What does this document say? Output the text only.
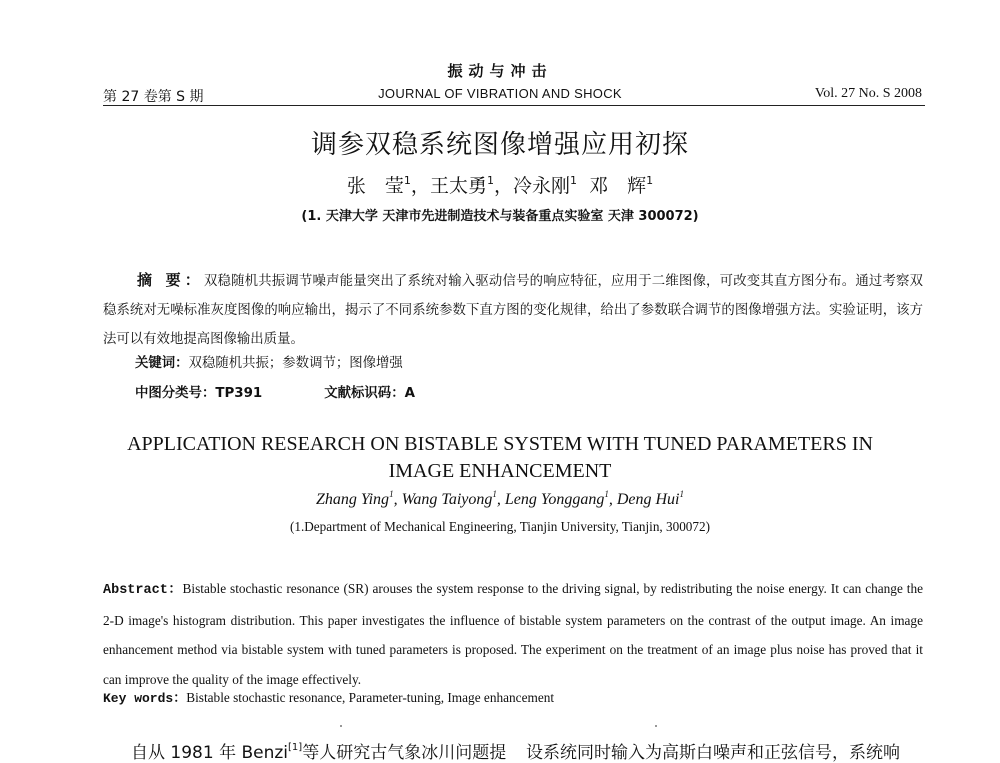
振动与冲击
第 27 卷第 S 期	JOURNAL OF VIBRATION AND SHOCK	Vol. 27 No. S 2008
调参双稳系统图像增强应用初探
张　莹$^1$，王太勇$^1$，冷永刚$^1$ 邓　辉$^1$
(1. 天津大学 天津市先进制造技术与装备重点实验室 天津 300072)
摘 要：双稳随机共振调节噪声能量突出了系统对输入驱动信号的响应特征，应用于二维图像，可改变其直方图分布。通过考察双稳系统对无噪标准灰度图像的响应输出，揭示了不同系统参数下直方图的变化规律，给出了参数联合调节的图像增强方法。实验证明，该方法可以有效地提高图像输出质量。
关键词：双稳随机共振；参数调节；图像增强
中图分类号：TP391	文献标识码：A
APPLICATION RESEARCH ON BISTABLE SYSTEM WITH TUNED PARAMETERS IN IMAGE ENHANCEMENT
Zhang Ying$^1$, Wang Taiyong$^1$, Leng Yonggang$^1$, Deng Hui$^1$
(1.Department of Mechanical Engineering, Tianjin University, Tianjin, 300072)
Abstract：Bistable stochastic resonance (SR) arouses the system response to the driving signal, by redistributing the noise energy. It can change the 2-D image's histogram distribution. This paper investigates the influence of bistable system parameters on the contrast of the output image. An image enhancement method via bistable system with tuned parameters is proposed. The experiment on the treatment of an image plus noise has proved that it can improve the quality of the image effectively.
Key words：Bistable stochastic resonance, Parameter-tuning, Image enhancement
自从 1981 年 Benzi[1]等人研究古气象冰川问题提 设系统同时输入为高斯白噪声和正弦信号，系统响
